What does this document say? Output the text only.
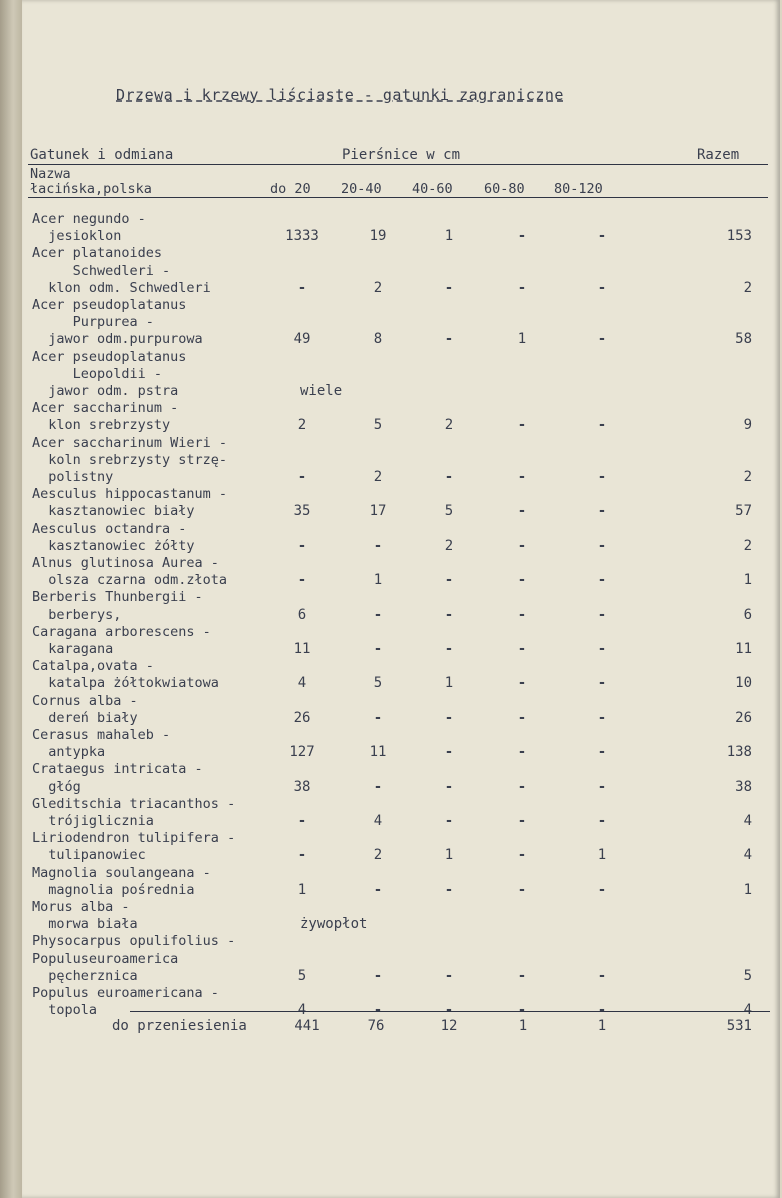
Drzewa i krzewy liściaste - gatunki zagraniczne
Gatunek i odmiana	Pierśnice w cm	Razem
Nazwa
łacińska,polska	do 20 20-40 40-60 60-80 80-120
Acer negundo -
jesioklon	1333	19	1	-	-	153
Acer platanoides
Schwedleri -
klon odm. Schwedleri	-	2	-	-	-	2
Acer pseudoplatanus
Purpurea -
jawor odm.purpurowa	49	8	-	1	-	58
Acer pseudoplatanus
Leopoldii -
jawor odm. pstra	wiele
Acer saccharinum -
klon srebrzysty	2	5	2	-	-	9
Acer saccharinum Wieri -
koln srebrzysty strzę-
polistny	-	2	-	-	-	2
Aesculus hippocastanum -
kasztanowiec biały	35	17	5	-	-	57
Aesculus octandra -
kasztanowiec żółty	-	-	2	-	-	2
Alnus glutinosa Aurea -
olsza czarna odm.złota	-	1	-	-	-	1
Berberis Thunbergii -
berberys,	6	-	-	-	-	6
Caragana arborescens -
karagana	11	-	-	-	-	11
Catalpa,ovata -
katalpa żółtokwiatowa	4	5	1	-	-	10
Cornus alba -
dereń biały	26	-	-	-	-	26
Cerasus mahaleb -
antypka	127	11	-	-	-	138
Crataegus intricata -
głóg	38	-	-	-	-	38
Gleditschia triacanthos -
trójiglicznia	-	4	-	-	-	4
Liriodendron tulipifera -
tulipanowiec	-	2	1	-	1	4
Magnolia soulangeana -
magnolia pośrednia	1	-	-	-	-	1
Morus alba -
morwa biała	żywopłot
Physocarpus opulifolius -
Populuseuroamerica
pęcherznica	5	-	-	-	-	5
Populus euroamericana -
topola	4	-	-	-	-	4
do przeniesienia	441	76	12	1	1	531
